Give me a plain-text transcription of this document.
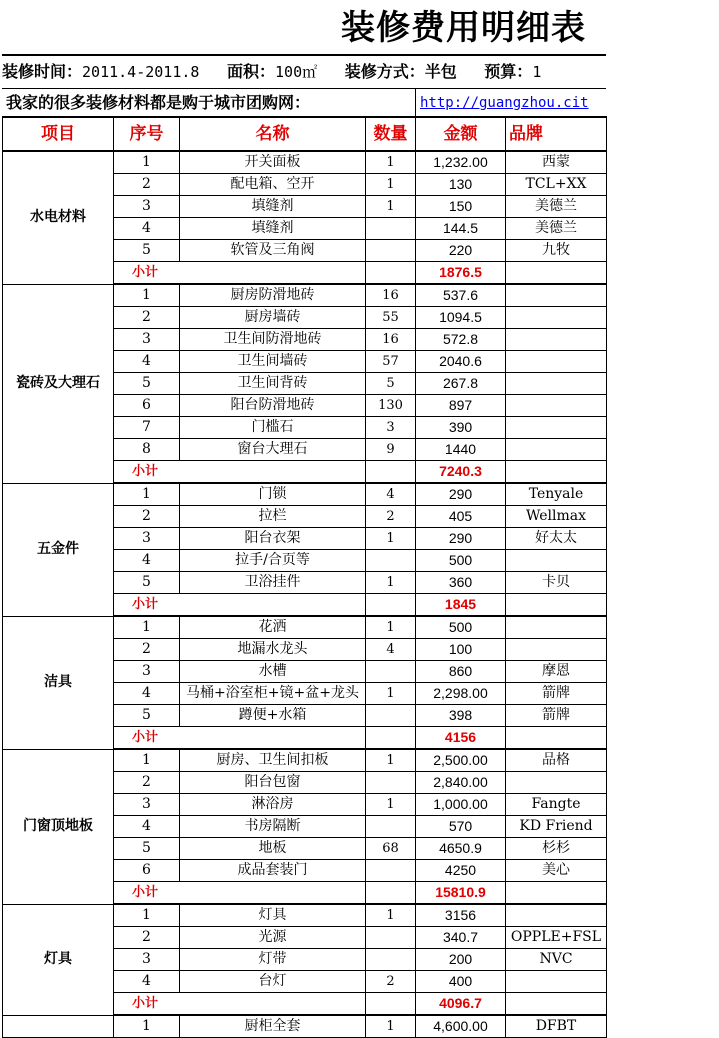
装修费用明细表
装修时间：2011.4-2011.8 面积：100㎡ 装修方式：半包 预算：1
我家的很多装修材料都是购于城市团购网：	http://guangzhou.cit
项目	序号	名称	数量	金额	品牌
水电材料	1	开关面板	1	1,232.00	西蒙
	2	配电箱、空开	1	130	TCL+XX
	3	填缝剂	1	150	美德兰
	4	填缝剂		144.5	美德兰
	5	软管及三角阀		220	九牧
	小计			1876.5	
瓷砖及大理石	1	厨房防滑地砖	16	537.6	
	2	厨房墙砖	55	1094.5	
	3	卫生间防滑地砖	16	572.8	
	4	卫生间墙砖	57	2040.6	
	5	卫生间背砖	5	267.8	
	6	阳台防滑地砖	130	897	
	7	门槛石	3	390	
	8	窗台大理石	9	1440	
	小计			7240.3	
五金件	1	门锁	4	290	Tenyale
	2	拉栏	2	405	Wellmax
	3	阳台衣架	1	290	好太太
	4	拉手/合页等		500	
	5	卫浴挂件	1	360	卡贝
	小计			1845	
洁具	1	花洒	1	500	
	2	地漏水龙头	4	100	
	3	水槽		860	摩恩
	4	马桶+浴室柜+镜+盆+龙头	1	2,298.00	箭牌
	5	蹲便+水箱		398	箭牌
	小计			4156	
门窗顶地板	1	厨房、卫生间扣板	1	2,500.00	品格
	2	阳台包窗		2,840.00	
	3	淋浴房	1	1,000.00	Fangte
	4	书房隔断		570	KD Friend
	5	地板	68	4650.9	杉杉
	6	成品套装门		4250	美心
	小计			15810.9	
灯具	1	灯具	1	3156	
	2	光源		340.7	OPPLE+FSL
	3	灯带		200	NVC
	4	台灯	2	400	
	小计			4096.7	
	1	厨柜全套	1	4,600.00	DFBT
